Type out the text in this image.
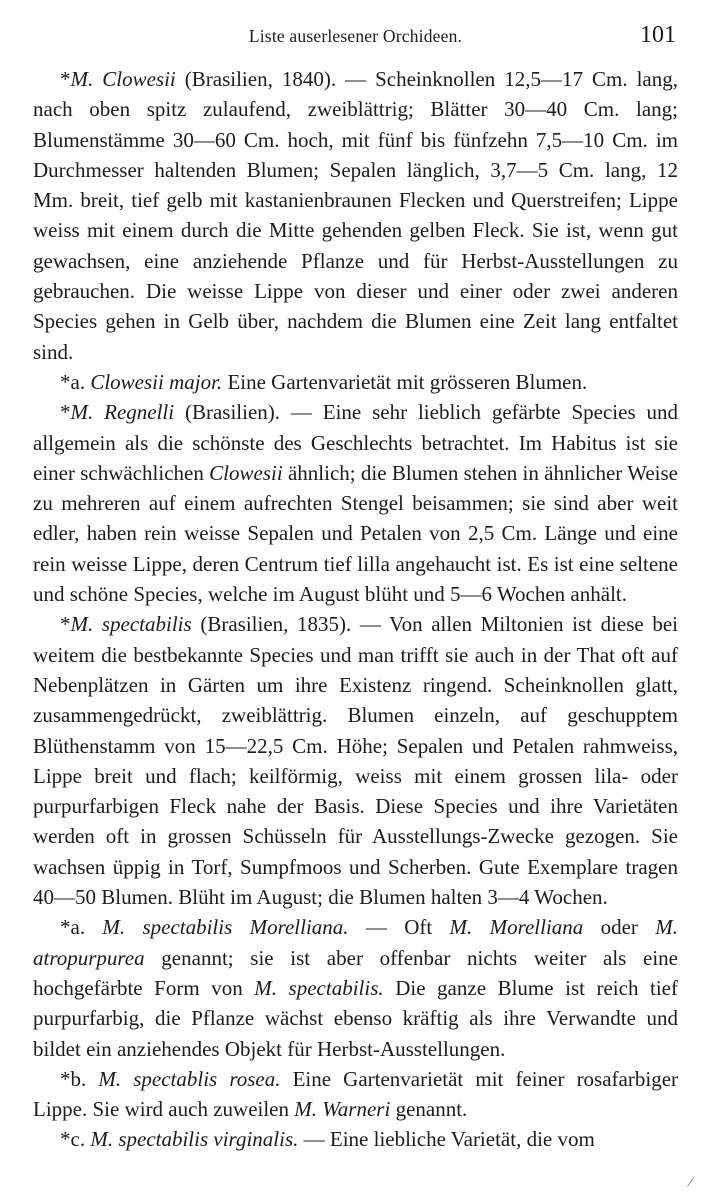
Liste auserlesener Orchideen.	101

*M. Clowesii (Brasilien, 1840). — Scheinknollen 12,5—17 Cm. lang, nach oben spitz zulaufend, zweiblättrig; Blätter 30—40 Cm. lang; Blumenstämme 30—60 Cm. hoch, mit fünf bis fünfzehn 7,5—10 Cm. im Durchmesser haltenden Blumen; Sepalen länglich, 3,7—5 Cm. lang, 12 Mm. breit, tief gelb mit kastanienbraunen Flecken und Querstreifen; Lippe weiss mit einem durch die Mitte gehenden gelben Fleck. Sie ist, wenn gut gewachsen, eine anziehende Pflanze und für Herbst-Ausstellungen zu gebrauchen. Die weisse Lippe von dieser und einer oder zwei anderen Species gehen in Gelb über, nachdem die Blumen eine Zeit lang entfaltet sind.

*a. Clowesii major. Eine Gartenvarietät mit grösseren Blumen.

*M. Regnelli (Brasilien). — Eine sehr lieblich gefärbte Species und allgemein als die schönste des Geschlechts betrachtet. Im Habitus ist sie einer schwächlichen Clowesii ähnlich; die Blumen stehen in ähnlicher Weise zu mehreren auf einem aufrechten Stengel beisammen; sie sind aber weit edler, haben rein weisse Sepalen und Petalen von 2,5 Cm. Länge und eine rein weisse Lippe, deren Centrum tief lilla angehaucht ist. Es ist eine seltene und schöne Species, welche im August blüht und 5—6 Wochen anhält.

*M. spectabilis (Brasilien, 1835). — Von allen Miltonien ist diese bei weitem die bestbekannte Species und man trifft sie auch in der That oft auf Nebenplätzen in Gärten um ihre Existenz ringend. Scheinknollen glatt, zusammengedrückt, zweiblättrig. Blumen einzeln, auf geschupptem Blüthenstamm von 15—22,5 Cm. Höhe; Sepalen und Petalen rahmweiss, Lippe breit und flach; keilförmig, weiss mit einem grossen lila- oder purpurfarbigen Fleck nahe der Basis. Diese Species und ihre Varietäten werden oft in grossen Schüsseln für Ausstellungs-Zwecke gezogen. Sie wachsen üppig in Torf, Sumpfmoos und Scherben. Gute Exemplare tragen 40—50 Blumen. Blüht im August; die Blumen halten 3—4 Wochen.

*a. M. spectabilis Morelliana. — Oft M. Morelliana oder M. atropurpurea genannt; sie ist aber offenbar nichts weiter als eine hochgefärbte Form von M. spectabilis. Die ganze Blume ist reich tief purpurfarbig, die Pflanze wächst ebenso kräftig als ihre Verwandte und bildet ein anziehendes Objekt für Herbst-Ausstellungen.

*b. M. spectablis rosea. Eine Gartenvarietät mit feiner rosafarbiger Lippe. Sie wird auch zuweilen M. Warneri genannt.

*c. M. spectabilis virginalis. — Eine liebliche Varietät, die vom

/
